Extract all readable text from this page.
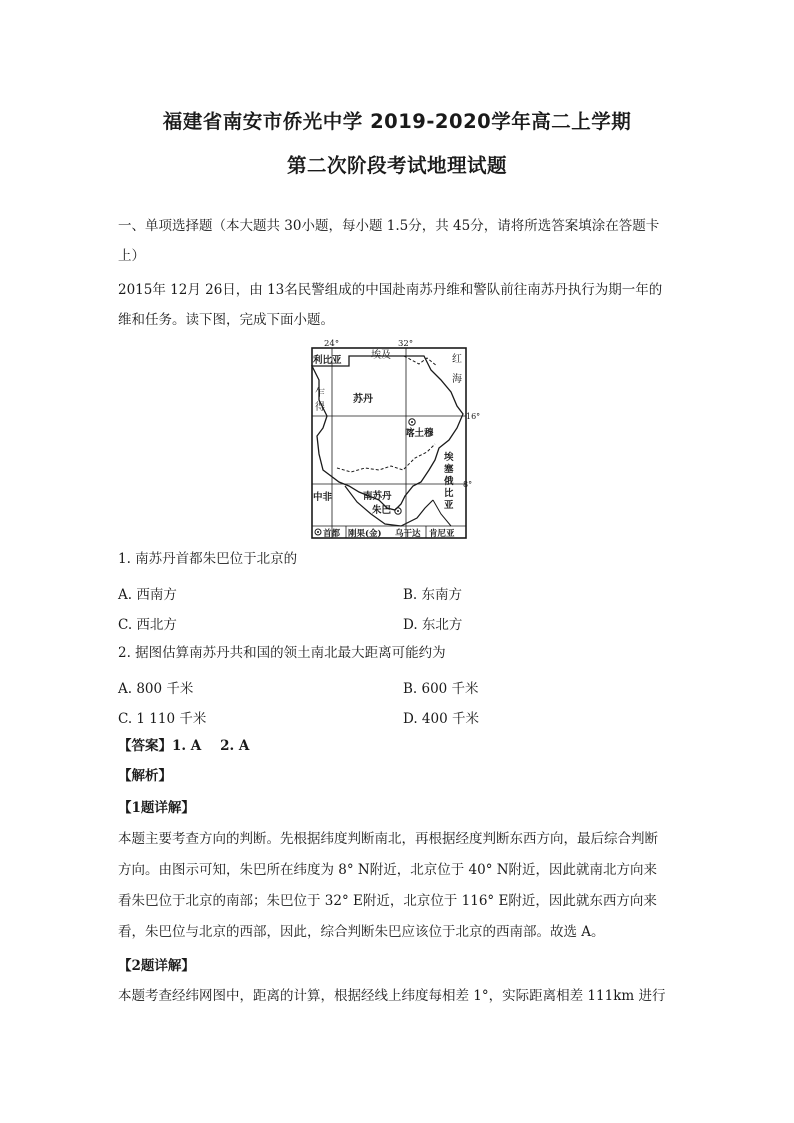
福建省南安市侨光中学 2019-2020学年高二上学期
第二次阶段考试地理试题
一、单项选择题（本大题共 30小题，每小题 1.5分，共 45分，请将所选答案填涂在答题卡
上）
2015年 12月 26日，由 13名民警组成的中国赴南苏丹维和警队前往南苏丹执行为期一年的
维和任务。读下图，完成下面小题。
24°	32°
16°
8°
利比亚	埃及	红
海
乍
得
苏丹
喀土穆
埃
塞
俄
比
亚
中非	南苏丹
朱巴
首都 刚果(金) 乌干达 肯尼亚
1. 南苏丹首都朱巴位于北京的
A. 西南方	B. 东南方
C. 西北方	D. 东北方
2. 据图估算南苏丹共和国的领土南北最大距离可能约为
A. 800 千米	B. 600 千米
C. 1 110 千米	D. 400 千米
【答案】1. A    2. A
【解析】
【1题详解】
本题主要考查方向的判断。先根据纬度判断南北，再根据经度判断东西方向，最后综合判断
方向。由图示可知，朱巴所在纬度为 8° N附近，北京位于 40° N附近，因此就南北方向来
看朱巴位于北京的南部；朱巴位于 32° E附近，北京位于 116° E附近，因此就东西方向来
看，朱巴位与北京的西部，因此，综合判断朱巴应该位于北京的西南部。故选 A。
【2题详解】
本题考查经纬网图中，距离的计算，根据经线上纬度每相差 1°，实际距离相差 111km 进行
